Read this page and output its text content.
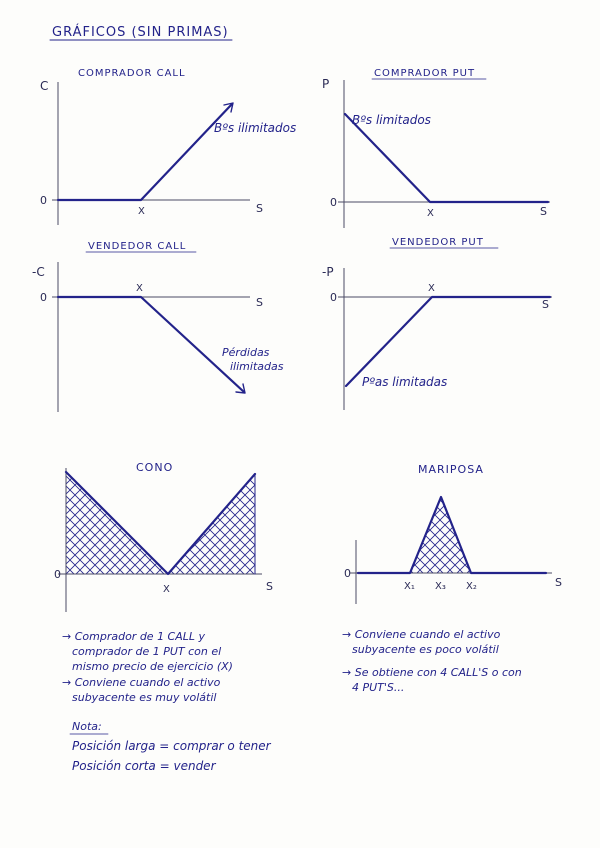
GRÁFICOS (SIN PRIMAS)
COMPRADOR CALL
C
0
X	S
Bºs ilimitados
COMPRADOR PUT
P
0
X	S
Bºs limitados
VENDEDOR CALL
-C
0
X
S
Pérdidas
ilimitadas
VENDEDOR PUT
-P
0
X
S
Pºas limitadas
CONO
0
X	S
MARIPOSA
0
X₁ X₃ X₂	S
→ Comprador de 1 CALL y
comprador de 1 PUT con el
mismo precio de ejercicio (X)
→ Conviene cuando el activo
subyacente es muy volátil
→ Conviene cuando el activo
subyacente es poco volátil
→ Se obtiene con 4 CALL'S o con
4 PUT'S...
Nota:
Posición larga = comprar o tener
Posición corta = vender
